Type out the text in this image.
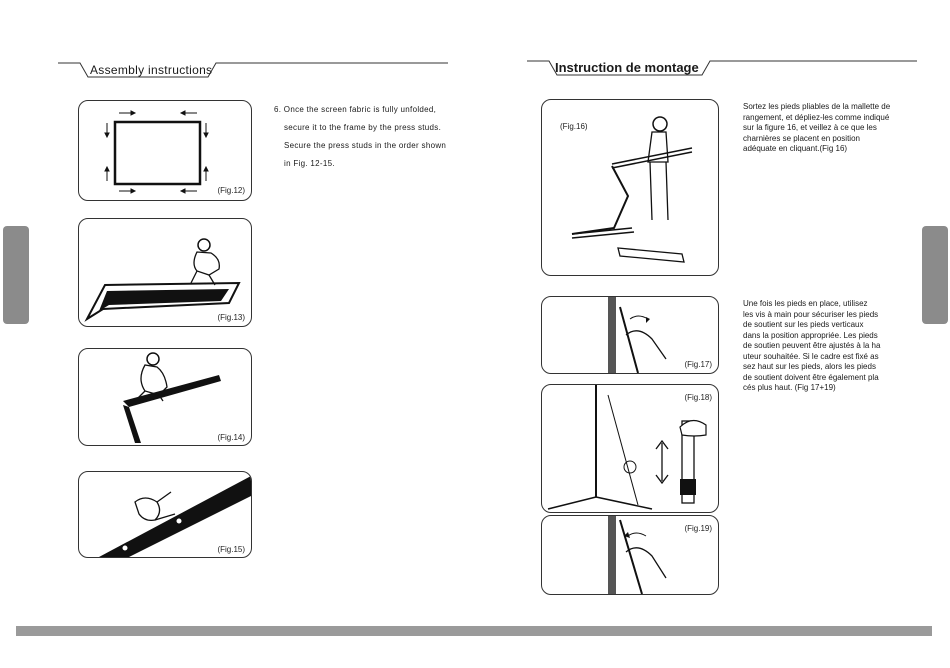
Assembly instructions	Instruction de montage
(Fig.12)
(Fig.13)
(Fig.14)
(Fig.15)

6. Once the screen fabric is fully unfolded,

secure it to the frame by the press studs.

Secure the press studs in the order shown

in Fig. 12-15.

(Fig.16)
(Fig.17)
(Fig.18)
(Fig.19)

Sortez les pieds pliables de la mallette de

rangement, et dépliez-les comme indiqué

sur la figure 16, et veillez à ce que les

charnières se placent en position

adéquate en cliquant.(Fig 16)

Une fois les pieds en place, utilisez

les vis à main pour sécuriser les pieds

de soutient sur les pieds verticaux

dans la position appropriée. Les pieds

de soutien peuvent être ajustés à la ha

uteur souhaitée. Si le cadre est fixé as

sez haut sur les pieds, alors les pieds

de soutient doivent être également pla

cés plus haut. (Fig 17+19)
